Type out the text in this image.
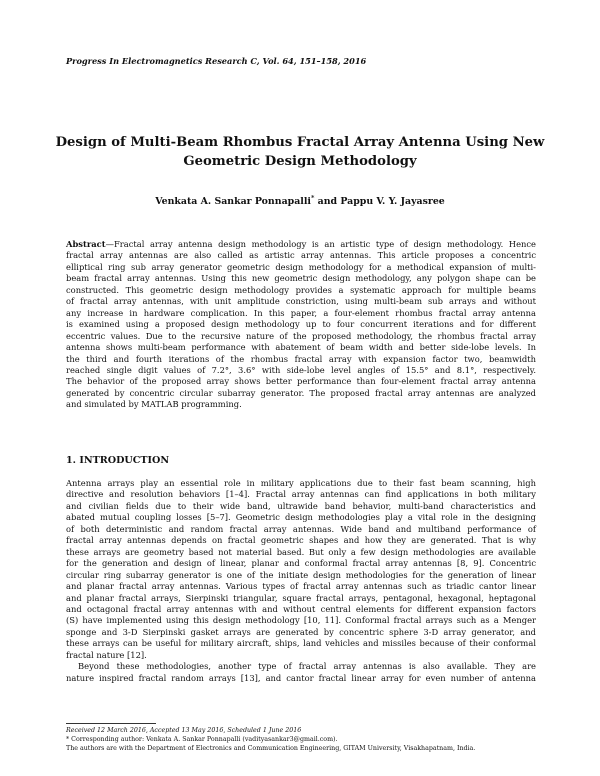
Progress In Electromagnetics Research C, Vol. 64, 151–158, 2016
Design of Multi-Beam Rhombus Fractal Array Antenna Using New
Geometric Design Methodology
Venkata A. Sankar Ponnapalli* and Pappu V. Y. Jayasree
Abstract—Fractal array antenna design methodology is an artistic type of design methodology. Hence
fractal array antennas are also called as artistic array antennas. This article proposes a concentric
elliptical ring sub array generator geometric design methodology for a methodical expansion of multi-
beam fractal array antennas. Using this new geometric design methodology, any polygon shape can be
constructed. This geometric design methodology provides a systematic approach for multiple beams
of fractal array antennas, with unit amplitude constriction, using multi-beam sub arrays and without
any increase in hardware complication. In this paper, a four-element rhombus fractal array antenna
is examined using a proposed design methodology up to four concurrent iterations and for different
eccentric values. Due to the recursive nature of the proposed methodology, the rhombus fractal array
antenna shows multi-beam performance with abatement of beam width and better side-lobe levels. In
the third and fourth iterations of the rhombus fractal array with expansion factor two, beamwidth
reached single digit values of 7.2°, 3.6° with side-lobe level angles of 15.5° and 8.1°, respectively.
The behavior of the proposed array shows better performance than four-element fractal array antenna
generated by concentric circular subarray generator. The proposed fractal array antennas are analyzed
and simulated by MATLAB programming.
1. INTRODUCTION
Antenna arrays play an essential role in military applications due to their fast beam scanning, high
directive and resolution behaviors [1–4]. Fractal array antennas can find applications in both military
and civilian fields due to their wide band, ultrawide band behavior, multi-band characteristics and
abated mutual coupling losses [5–7]. Geometric design methodologies play a vital role in the designing
of both deterministic and random fractal array antennas. Wide band and multiband performance of
fractal array antennas depends on fractal geometric shapes and how they are generated. That is why
these arrays are geometry based not material based. But only a few design methodologies are available
for the generation and design of linear, planar and conformal fractal array antennas [8, 9]. Concentric
circular ring subarray generator is one of the initiate design methodologies for the generation of linear
and planar fractal array antennas. Various types of fractal array antennas such as triadic cantor linear
and planar fractal arrays, Sierpinski triangular, square fractal arrays, pentagonal, hexagonal, heptagonal
and octagonal fractal array antennas with and without central elements for different expansion factors
(S) have implemented using this design methodology [10, 11]. Conformal fractal arrays such as a Menger
sponge and 3-D Sierpinski gasket arrays are generated by concentric sphere 3-D array generator, and
these arrays can be useful for military aircraft, ships, land vehicles and missiles because of their conformal
fractal nature [12].
Beyond these methodologies, another type of fractal array antennas is also available. They are
nature inspired fractal random arrays [13], and cantor fractal linear array for even number of antenna
Received 12 March 2016, Accepted 13 May 2016, Scheduled 1 June 2016
* Corresponding author: Venkata A. Sankar Ponnapalli (vadityasankar3@gmail.com).
The authors are with the Department of Electronics and Communication Engineering, GITAM University, Visakhapatnam, India.
